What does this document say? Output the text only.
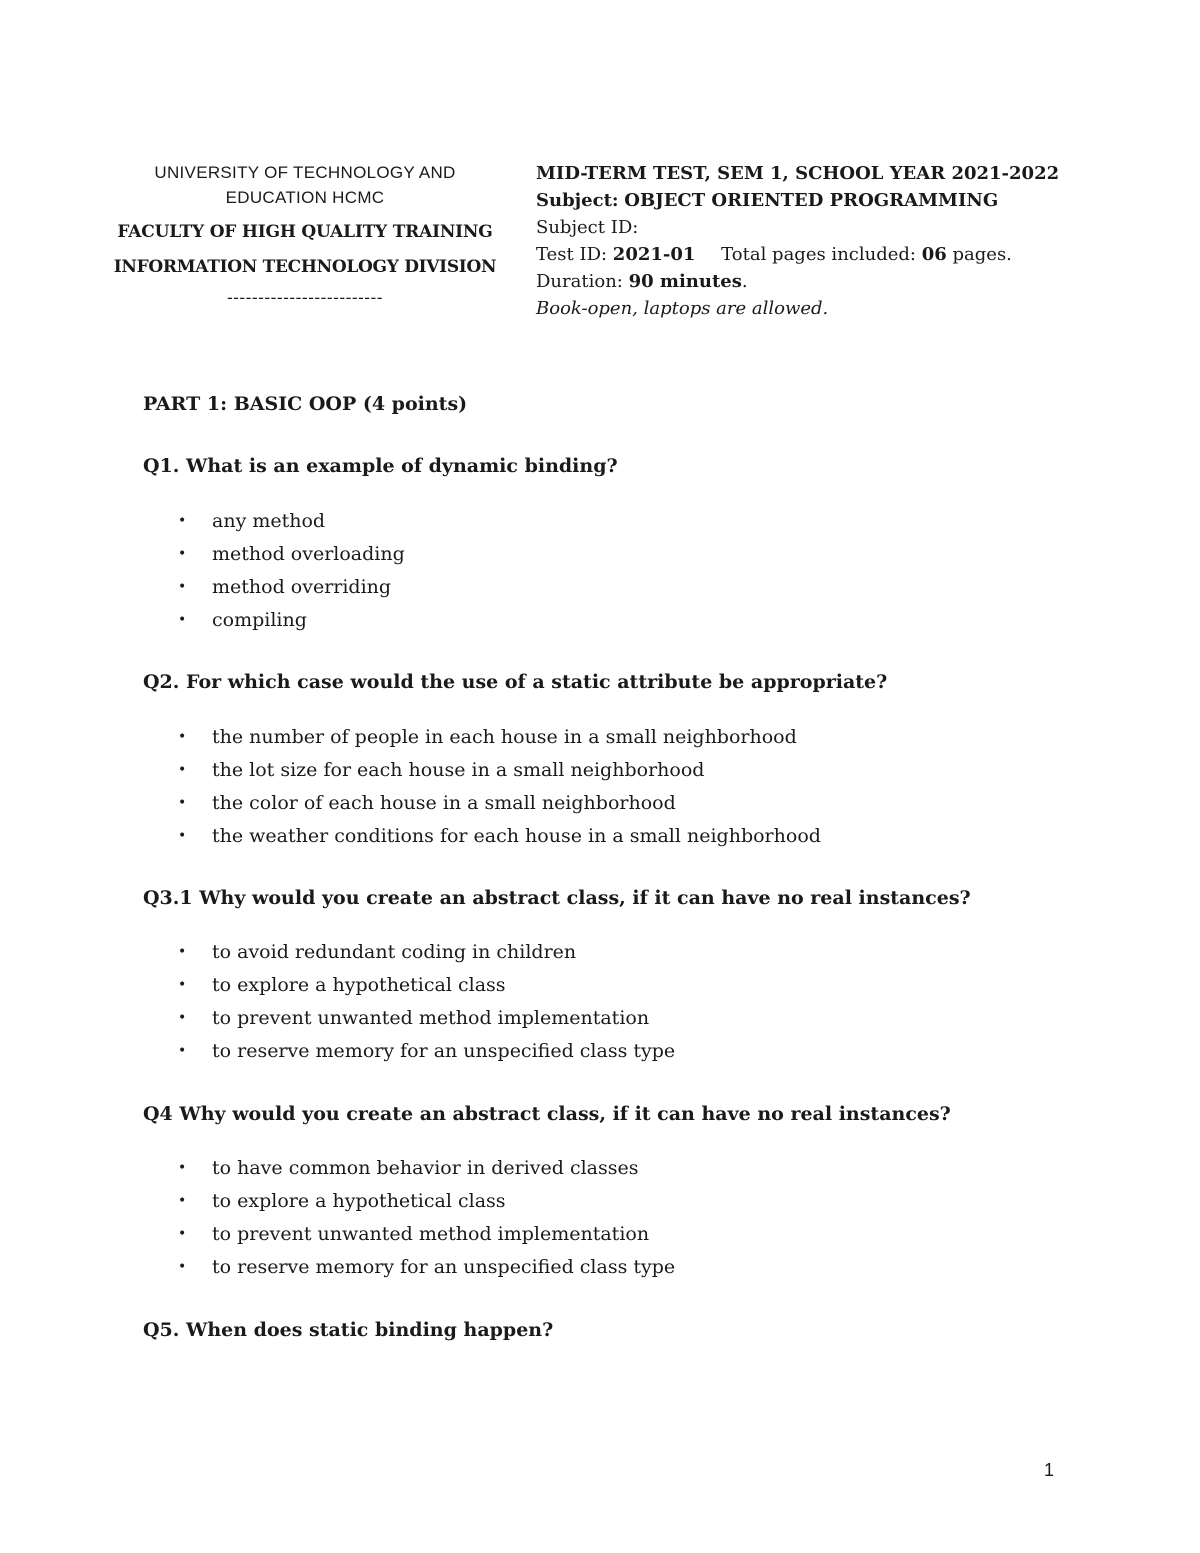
UNIVERSITY OF TECHNOLOGY AND
EDUCATION HCMC
FACULTY OF HIGH QUALITY TRAINING
INFORMATION TECHNOLOGY DIVISION
-------------------------
MID-TERM TEST, SEM 1, SCHOOL YEAR 2021-2022
Subject: OBJECT ORIENTED PROGRAMMING
Subject ID:
Test ID: 2021-01 Total pages included: 06 pages.
Duration: 90 minutes.
Book-open, laptops are allowed.
PART 1: BASIC OOP (4 points)
Q1. What is an example of dynamic binding?
• any method
• method overloading
• method overriding
• compiling
Q2. For which case would the use of a static attribute be appropriate?
• the number of people in each house in a small neighborhood
• the lot size for each house in a small neighborhood
• the color of each house in a small neighborhood
• the weather conditions for each house in a small neighborhood
Q3.1 Why would you create an abstract class, if it can have no real instances?
• to avoid redundant coding in children
• to explore a hypothetical class
• to prevent unwanted method implementation
• to reserve memory for an unspecified class type
Q4 Why would you create an abstract class, if it can have no real instances?
• to have common behavior in derived classes
• to explore a hypothetical class
• to prevent unwanted method implementation
• to reserve memory for an unspecified class type
Q5. When does static binding happen?
1
